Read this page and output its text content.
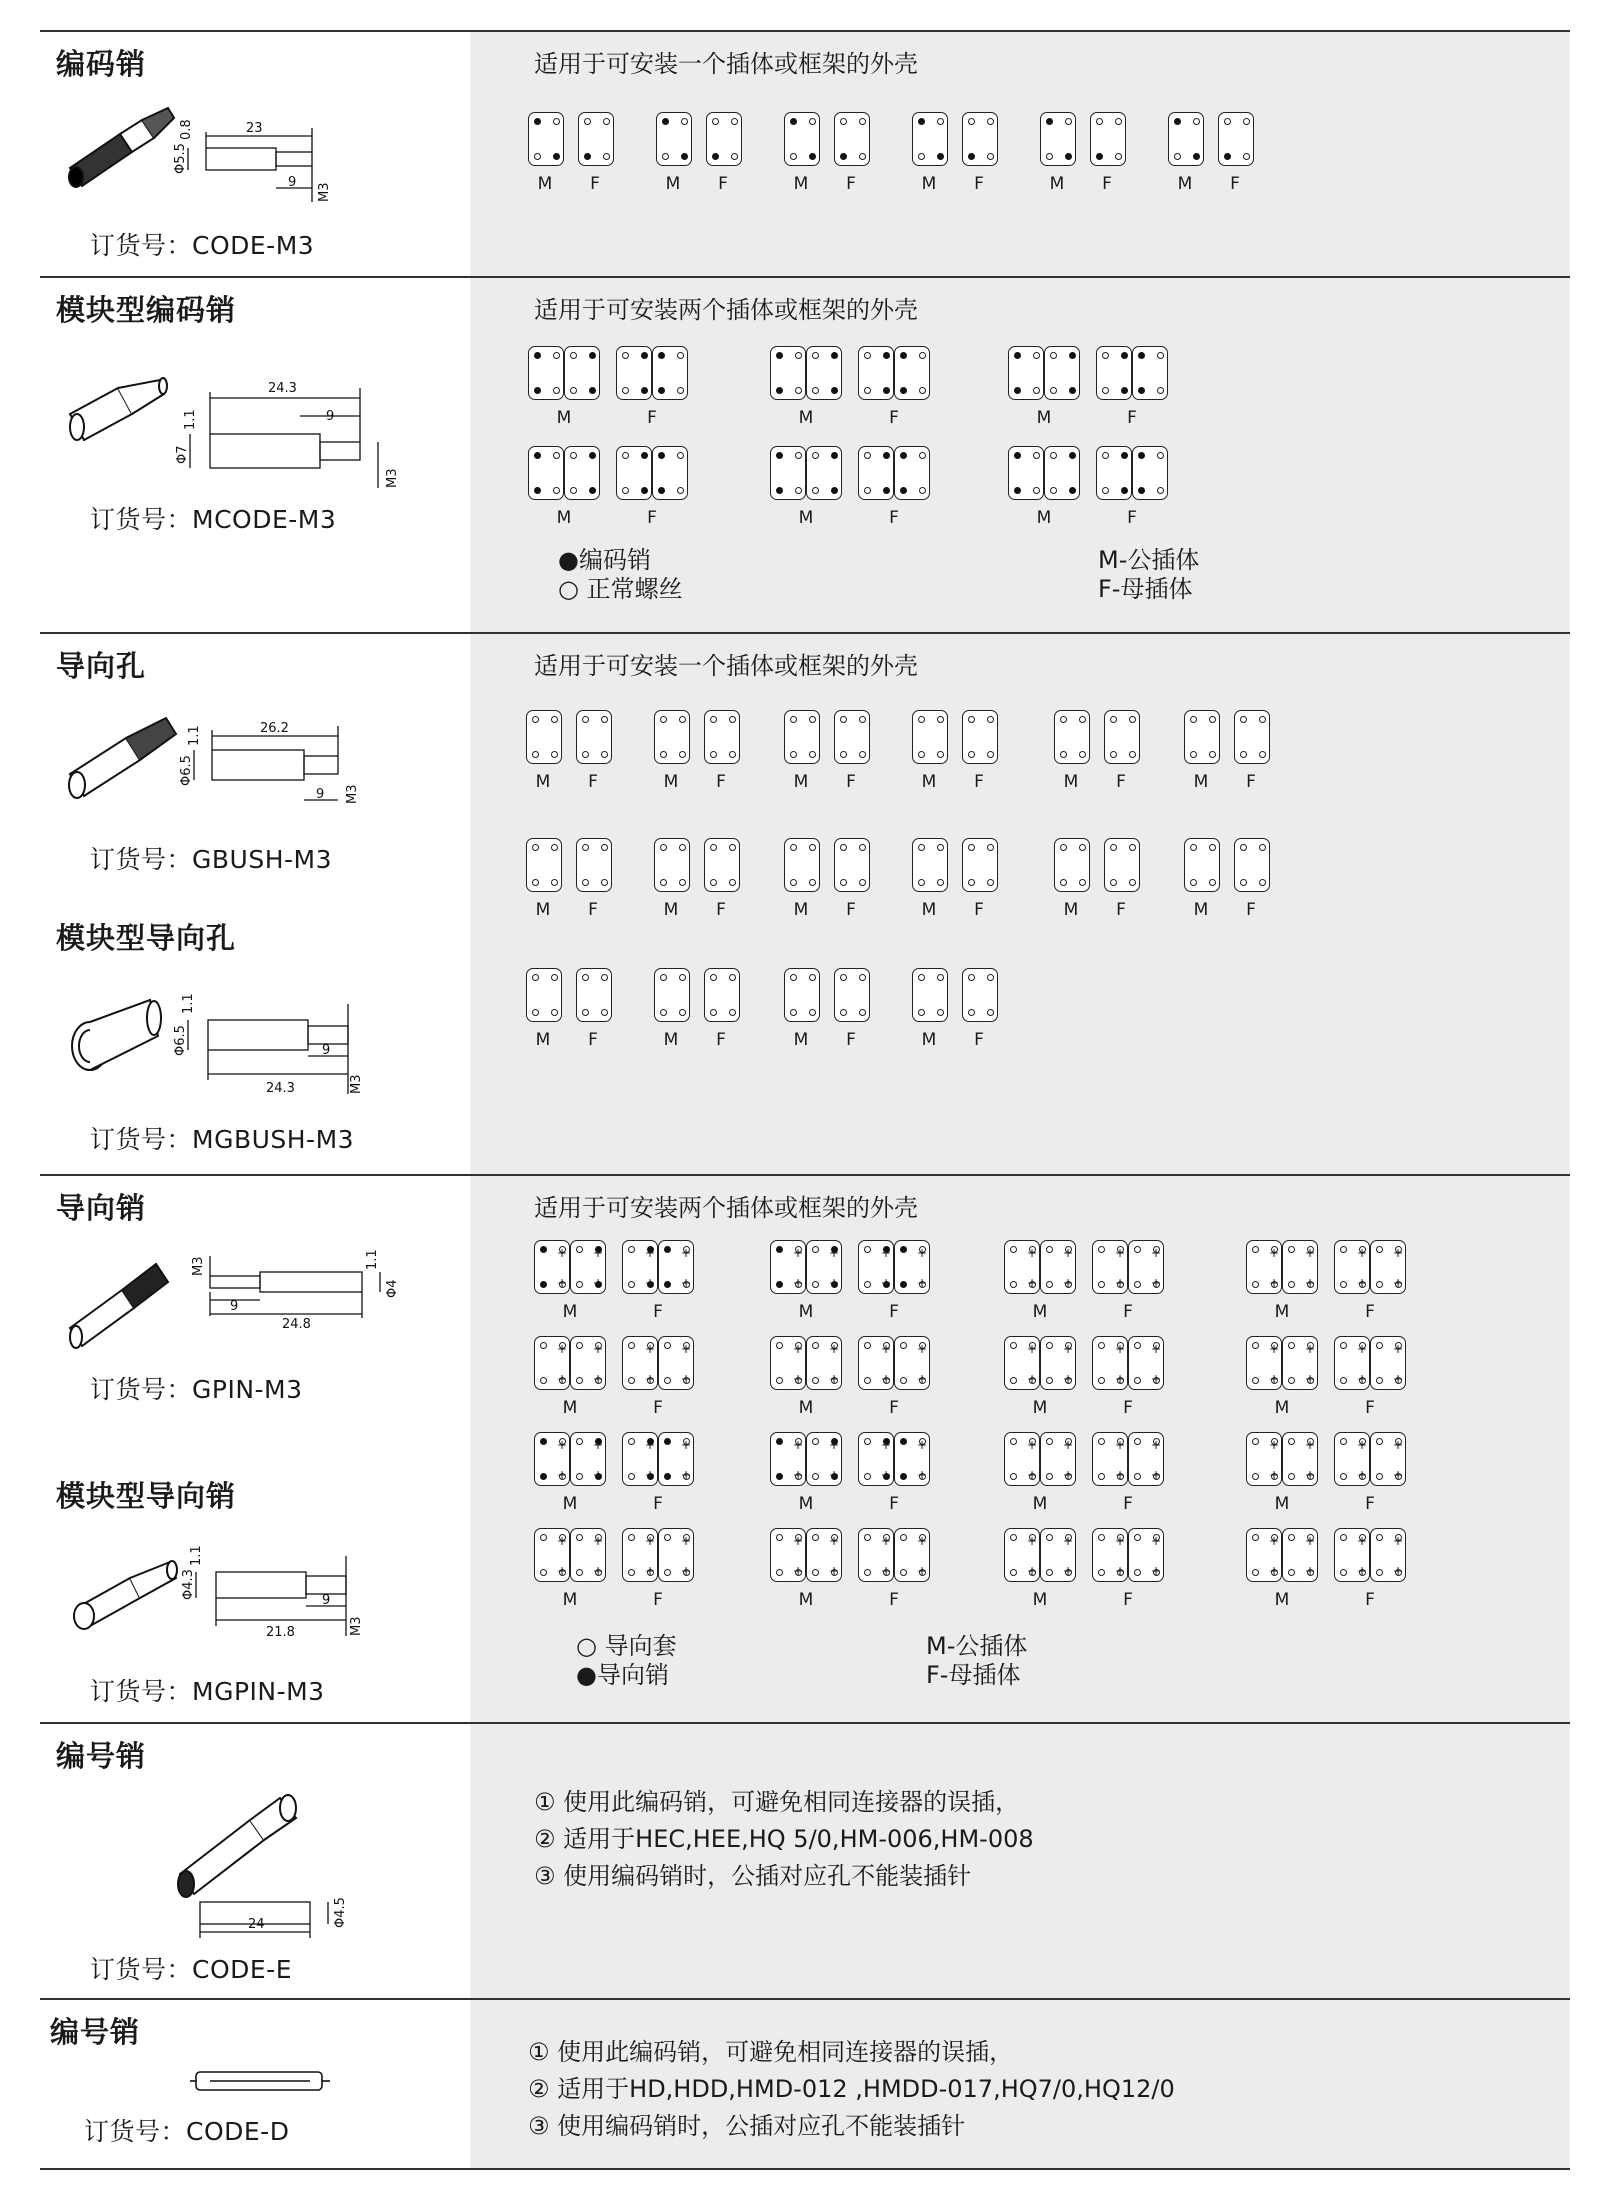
编码销
23
0.8
Φ5.5
9 M3
订货号：CODE-M3
适用于可安装一个插体或框架的外壳
M	F	M	F	M	F	M	F	M	F	M	F
模块型编码销
24.3
1.1	9
Φ7
M3
订货号：MCODE-M3
适用于可安装两个插体或框架的外壳
M	F
M	F
M	F
M	F
M	F
M	F
●编码销
○ 正常螺丝
M-公插体
F-母插体
导向孔
26.2
1.1
Φ6.5
9 M3
订货号：GBUSH-M3
模块型导向孔
1.1
Φ6.5	9
24.3	M3
订货号：MGBUSH-M3
适用于可安装一个插体或框架的外壳
M	F
M	F
M	F
M	F
M	F
M	F
M	F
M	F
M	F
M	F
M	F
M	F
M	F	M	F	M	F	M	F
导向销
M3	1.1
9
24.8
Φ4
订货号：GPIN-M3
模块型导向销
1.1
Φ4.3
9
21.8	M3
订货号：MGPIN-M3
适用于可安装两个插体或框架的外壳
+
+
+
+
M
+
+
+
+
F
+
+
+
+
M
+
+
+
+
F
+
+
+
+
M
+
+
+
+
F
+
+
+
+
M
+
+
+
+
F
+
+
+
+
M
+
+
+
+
F
+
+
+
+
M
+
+
+
+
F
+
+
+
+
M
+
+
+
+
F
+
+
+
+
M
+
+
+
+
F
+
+
+
+
M
+
+
+
+
F
+
+
+
+
M
+
+
+
+
F
+
+
+
+
M
+
+
+
+
F
+
+
+
+
M
+
+
+
+
F
+
+
+
+
M
+
+
+
+
F
+
+
+
+
M
+
+
+
+
F
+
+
+
+
M
+
+
+
+
F
+
+
+
+
M
+
+
+
+
F
○ 导向套
●导向销
M-公插体
F-母插体
编号销
24	Φ4.5
订货号：CODE-E
① 使用此编码销，可避免相同连接器的误插，
② 适用于HEC,HEE,HQ 5/0,HM-006,HM-008
③ 使用编码销时，公插对应孔不能装插针
编号销
订货号：CODE-D
① 使用此编码销，可避免相同连接器的误插，
② 适用于HD,HDD,HMD-012 ,HMDD-017,HQ7/0,HQ12/0
③ 使用编码销时，公插对应孔不能装插针
